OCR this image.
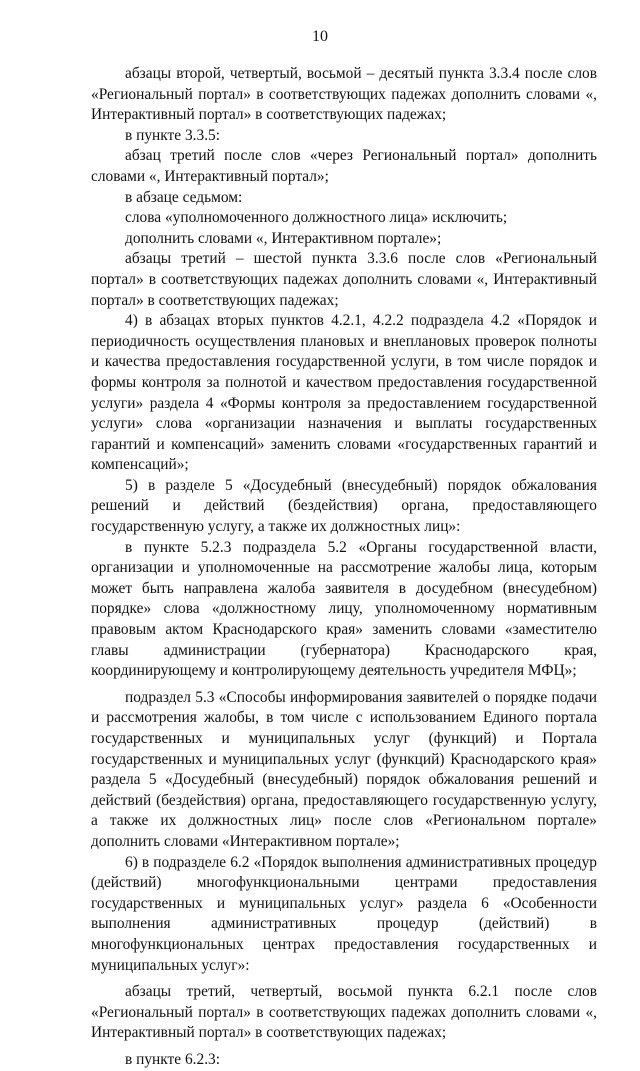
10

абзацы второй, четвертый, восьмой – десятый пункта 3.3.4 после слов «Региональный портал» в соответствующих падежах дополнить словами «, Интерактивный портал» в соответствующих падежах;

в пункте 3.3.5:

абзац третий после слов «через Региональный портал» дополнить словами «, Интерактивный портал»;

в абзаце седьмом:

слова «уполномоченного должностного лица» исключить;

дополнить словами «, Интерактивном портале»;

абзацы третий – шестой пункта 3.3.6 после слов «Региональный портал» в соответствующих падежах дополнить словами «, Интерактивный портал» в соответствующих падежах;

4) в абзацах вторых пунктов 4.2.1, 4.2.2 подраздела 4.2 «Порядок и периодичность осуществления плановых и внеплановых проверок полноты и качества предоставления государственной услуги, в том числе порядок и формы контроля за полнотой и качеством предоставления государственной услуги» раздела 4 «Формы контроля за предоставлением государственной услуги» слова «организации назначения и выплаты государственных гарантий и компенсаций» заменить словами «государственных гарантий и компенсаций»;

5) в разделе 5 «Досудебный (внесудебный) порядок обжалования решений и действий (бездействия) органа, предоставляющего государственную услугу, а также их должностных лиц»:

в пункте 5.2.3 подраздела 5.2 «Органы государственной власти, организации и уполномоченные на рассмотрение жалобы лица, которым может быть направлена жалоба заявителя в досудебном (внесудебном) порядке» слова «должностному лицу, уполномоченному нормативным правовым актом Краснодарского края» заменить словами «заместителю главы администрации (губернатора) Краснодарского края, координирующему и контролирующему деятельность учредителя МФЦ»;

подраздел 5.3 «Способы информирования заявителей о порядке подачи и рассмотрения жалобы, в том числе с использованием Единого портала государственных и муниципальных услуг (функций) и Портала государственных и муниципальных услуг (функций) Краснодарского края» раздела 5 «Досудебный (внесудебный) порядок обжалования решений и действий (бездействия) органа, предоставляющего государственную услугу, а также их должностных лиц» после слов «Региональном портале» дополнить словами «Интерактивном портале»;

6) в подразделе 6.2 «Порядок выполнения административных процедур (действий) многофункциональными центрами предоставления государственных и муниципальных услуг» раздела 6 «Особенности выполнения административных процедур (действий) в многофункциональных центрах предоставления государственных и муниципальных услуг»:

абзацы третий, четвертый, восьмой пункта 6.2.1 после слов «Региональный портал» в соответствующих падежах дополнить словами «, Интерактивный портал» в соответствующих падежах;

в пункте 6.2.3:
